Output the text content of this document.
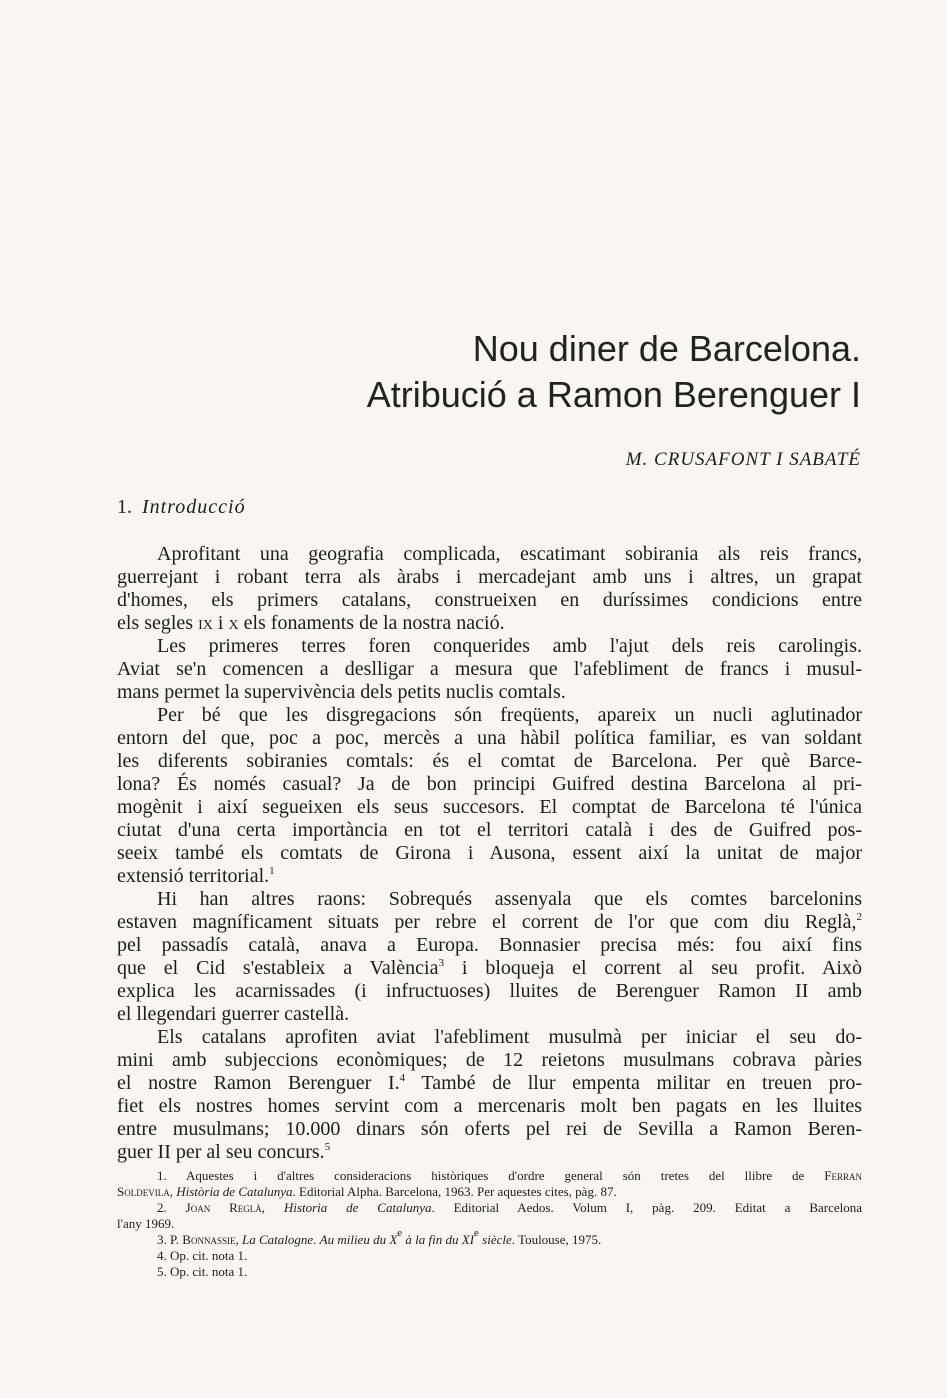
Nou diner de Barcelona.
Atribució a Ramon Berenguer I
M. CRUSAFONT I SABATÉ
1. Introducció
Aprofitant una geografia complicada, escatimant sobirania als reis francs,
guerrejant i robant terra als àrabs i mercadejant amb uns i altres, un grapat
d'homes, els primers catalans, construeixen en duríssimes condicions entre
els segles ix i x els fonaments de la nostra nació.
Les primeres terres foren conquerides amb l'ajut dels reis carolingis.
Aviat se'n comencen a deslligar a mesura que l'afebliment de francs i musul-
mans permet la supervivència dels petits nuclis comtals.
Per bé que les disgregacions són freqüents, apareix un nucli aglutinador
entorn del que, poc a poc, mercès a una hàbil política familiar, es van soldant
les diferents sobiranies comtals: és el comtat de Barcelona. Per què Barce-
lona? És només casual? Ja de bon principi Guifred destina Barcelona al pri-
mogènit i així segueixen els seus succesors. El comptat de Barcelona té l'única
ciutat d'una certa importància en tot el territori català i des de Guifred pos-
seeix també els comtats de Girona i Ausona, essent així la unitat de major
extensió territorial.$^1$
Hi han altres raons: Sobrequés assenyala que els comtes barcelonins
estaven magníficament situats per rebre el corrent de l'or que com diu Reglà,$^2$
pel passadís català, anava a Europa. Bonnasier precisa més: fou així fins
que el Cid s'estableix a València$^3$ i bloqueja el corrent al seu profit. Això
explica les acarnissades (i infructuoses) lluites de Berenguer Ramon II amb
el llegendari guerrer castellà.
Els catalans aprofiten aviat l'afebliment musulmà per iniciar el seu do-
mini amb subjeccions econòmiques; de 12 reietons musulmans cobrava pàries
el nostre Ramon Berenguer I.$^4$ També de llur empenta militar en treuen pro-
fiet els nostres homes servint com a mercenaris molt ben pagats en les lluites
entre musulmans; 10.000 dinars són oferts pel rei de Sevilla a Ramon Beren-
guer II per al seu concurs.$^5$
1. Aquestes i d'altres consideracions històriques d'ordre general són tretes del llibre de Ferran
Soldevila, Història de Catalunya. Editorial Alpha. Barcelona, 1963. Per aquestes cites, pàg. 87.
2. Joan Reglà, Historia de Catalunya. Editorial Aedos. Volum I, pàg. 209. Editat a Barcelona
l'any 1969.
3. P. Bonnassie, La Catalogne. Au milieu du Xe à la fin du XIe siècle. Toulouse, 1975.
4. Op. cit. nota 1.
5. Op. cit. nota 1.
